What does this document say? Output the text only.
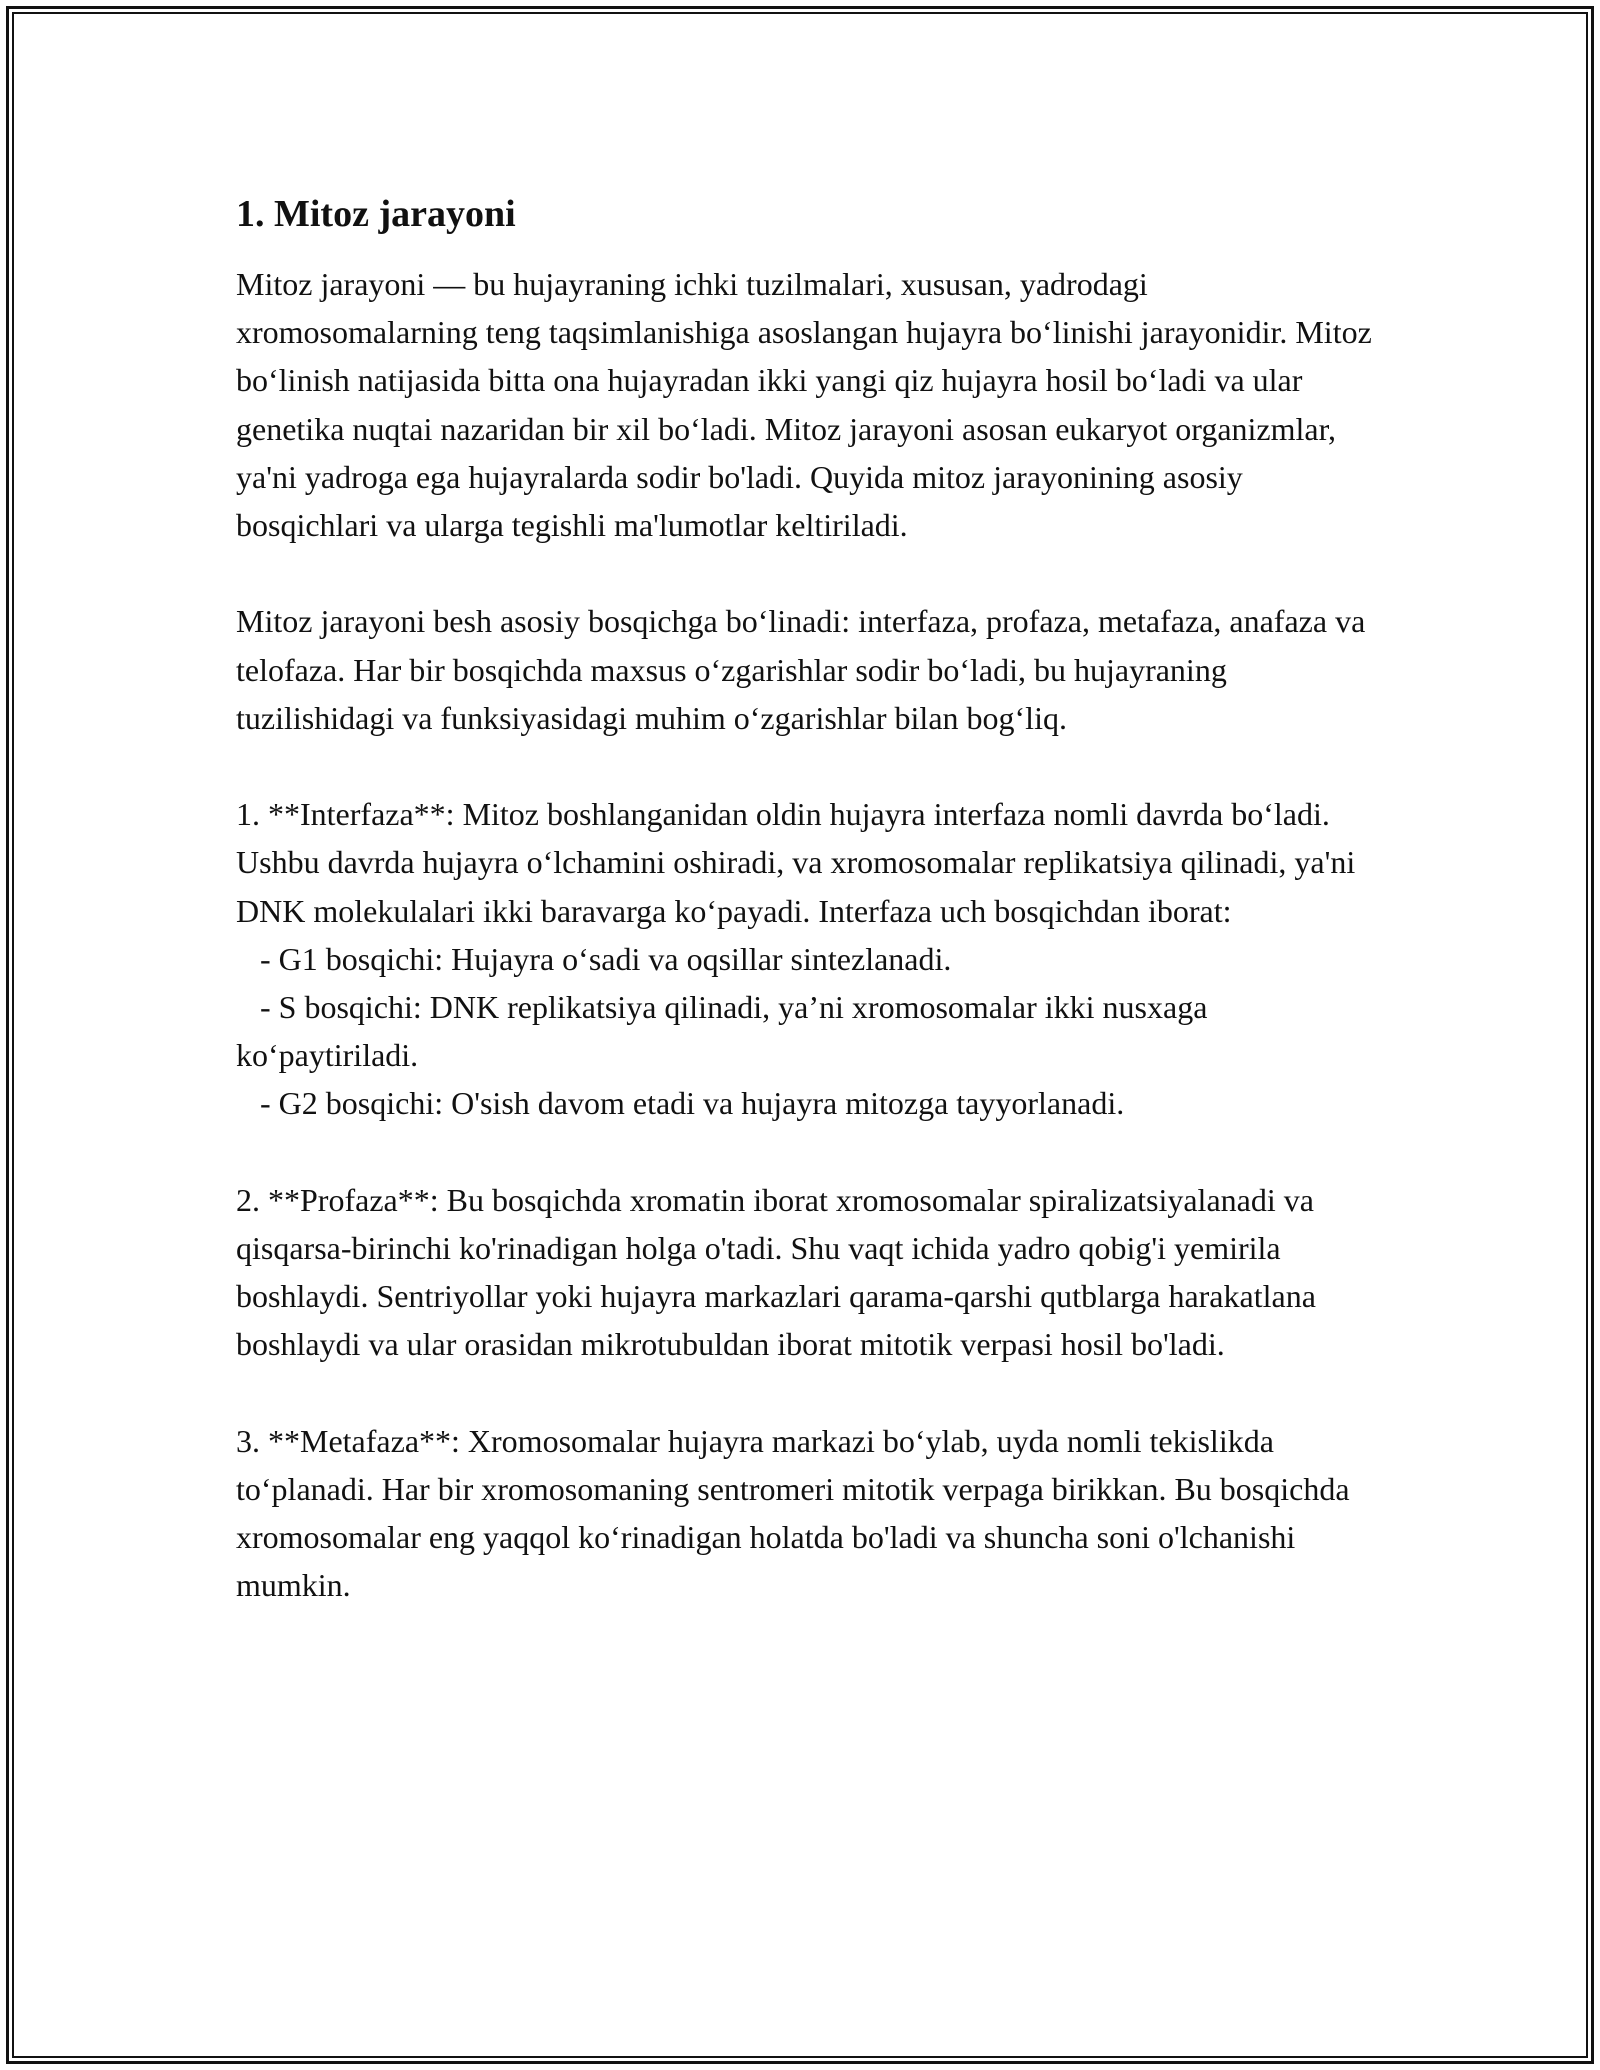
1. Mitoz jarayoni

Mitoz jarayoni — bu hujayraning ichki tuzilmalari, xususan, yadrodagi xromosomalarning teng taqsimlanishiga asoslangan hujayra bo‘linishi jarayonidir. Mitoz bo‘linish natijasida bitta ona hujayradan ikki yangi qiz hujayra hosil bo‘ladi va ular genetika nuqtai nazaridan bir xil bo‘ladi. Mitoz jarayoni asosan eukaryot organizmlar, ya'ni yadroga ega hujayralarda sodir bo'ladi. Quyida mitoz jarayonining asosiy bosqichlari va ularga tegishli ma'lumotlar keltiriladi.

Mitoz jarayoni besh asosiy bosqichga bo‘linadi: interfaza, profaza, metafaza, anafaza va telofaza. Har bir bosqichda maxsus o‘zgarishlar sodir bo‘ladi, bu hujayraning tuzilishidagi va funksiyasidagi muhim o‘zgarishlar bilan bog‘liq.

1. **Interfaza**: Mitoz boshlanganidan oldin hujayra interfaza nomli davrda bo‘ladi. Ushbu davrda hujayra o‘lchamini oshiradi, va xromosomalar replikatsiya qilinadi, ya'ni DNK molekulalari ikki baravarga ko‘payadi. Interfaza uch bosqichdan iborat:

- G1 bosqichi: Hujayra o‘sadi va oqsillar sintezlanadi.

- S bosqichi: DNK replikatsiya qilinadi, ya’ni xromosomalar ikki nusxaga ko‘paytiriladi.

- G2 bosqichi: O'sish davom etadi va hujayra mitozga tayyorlanadi.

2. **Profaza**: Bu bosqichda xromatin iborat xromosomalar spiralizatsiyalanadi va qisqarsa-birinchi ko'rinadigan holga o'tadi. Shu vaqt ichida yadro qobig'i yemirila boshlaydi. Sentriyollar yoki hujayra markazlari qarama-qarshi qutblarga harakatlana boshlaydi va ular orasidan mikrotubuldan iborat mitotik verpasi hosil bo'ladi.

3. **Metafaza**: Xromosomalar hujayra markazi bo‘ylab, uyda nomli tekislikda to‘planadi. Har bir xromosomaning sentromeri mitotik verpaga birikkan. Bu bosqichda xromosomalar eng yaqqol ko‘rinadigan holatda bo'ladi va shuncha soni o'lchanishi mumkin.
